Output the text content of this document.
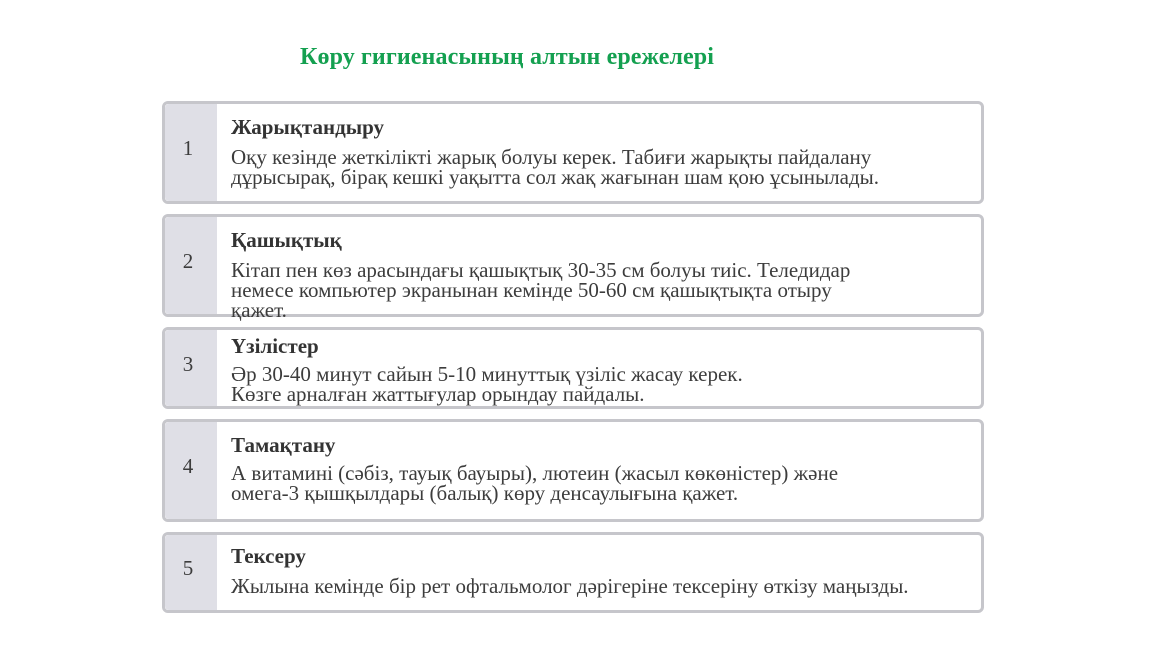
Көру гигиенасының алтын ережелері
1
Жарықтандыру
Оқу кезінде жеткілікті жарық болуы керек. Табиғи жарықты пайдалану
дұрысырақ, бірақ кешкі уақытта сол жақ жағынан шам қою ұсынылады.
2
Қашықтық
Кітап пен көз арасындағы қашықтық 30-35 см болуы тиіс. Теледидар
немесе компьютер экранынан кемінде 50-60 см қашықтықта отыру
қажет.
3
Үзілістер
Әр 30-40 минут сайын 5-10 минуттық үзіліс жасау керек.
Көзге арналған жаттығулар орындау пайдалы.
4
Тамақтану
А витамині (сәбіз, тауық бауыры), лютеин (жасыл көкөністер) және
омега-3 қышқылдары (балық) көру денсаулығына қажет.
5	Тексеру
Жылына кемінде бір рет офтальмолог дәрігеріне тексеріну өткізу маңызды.
